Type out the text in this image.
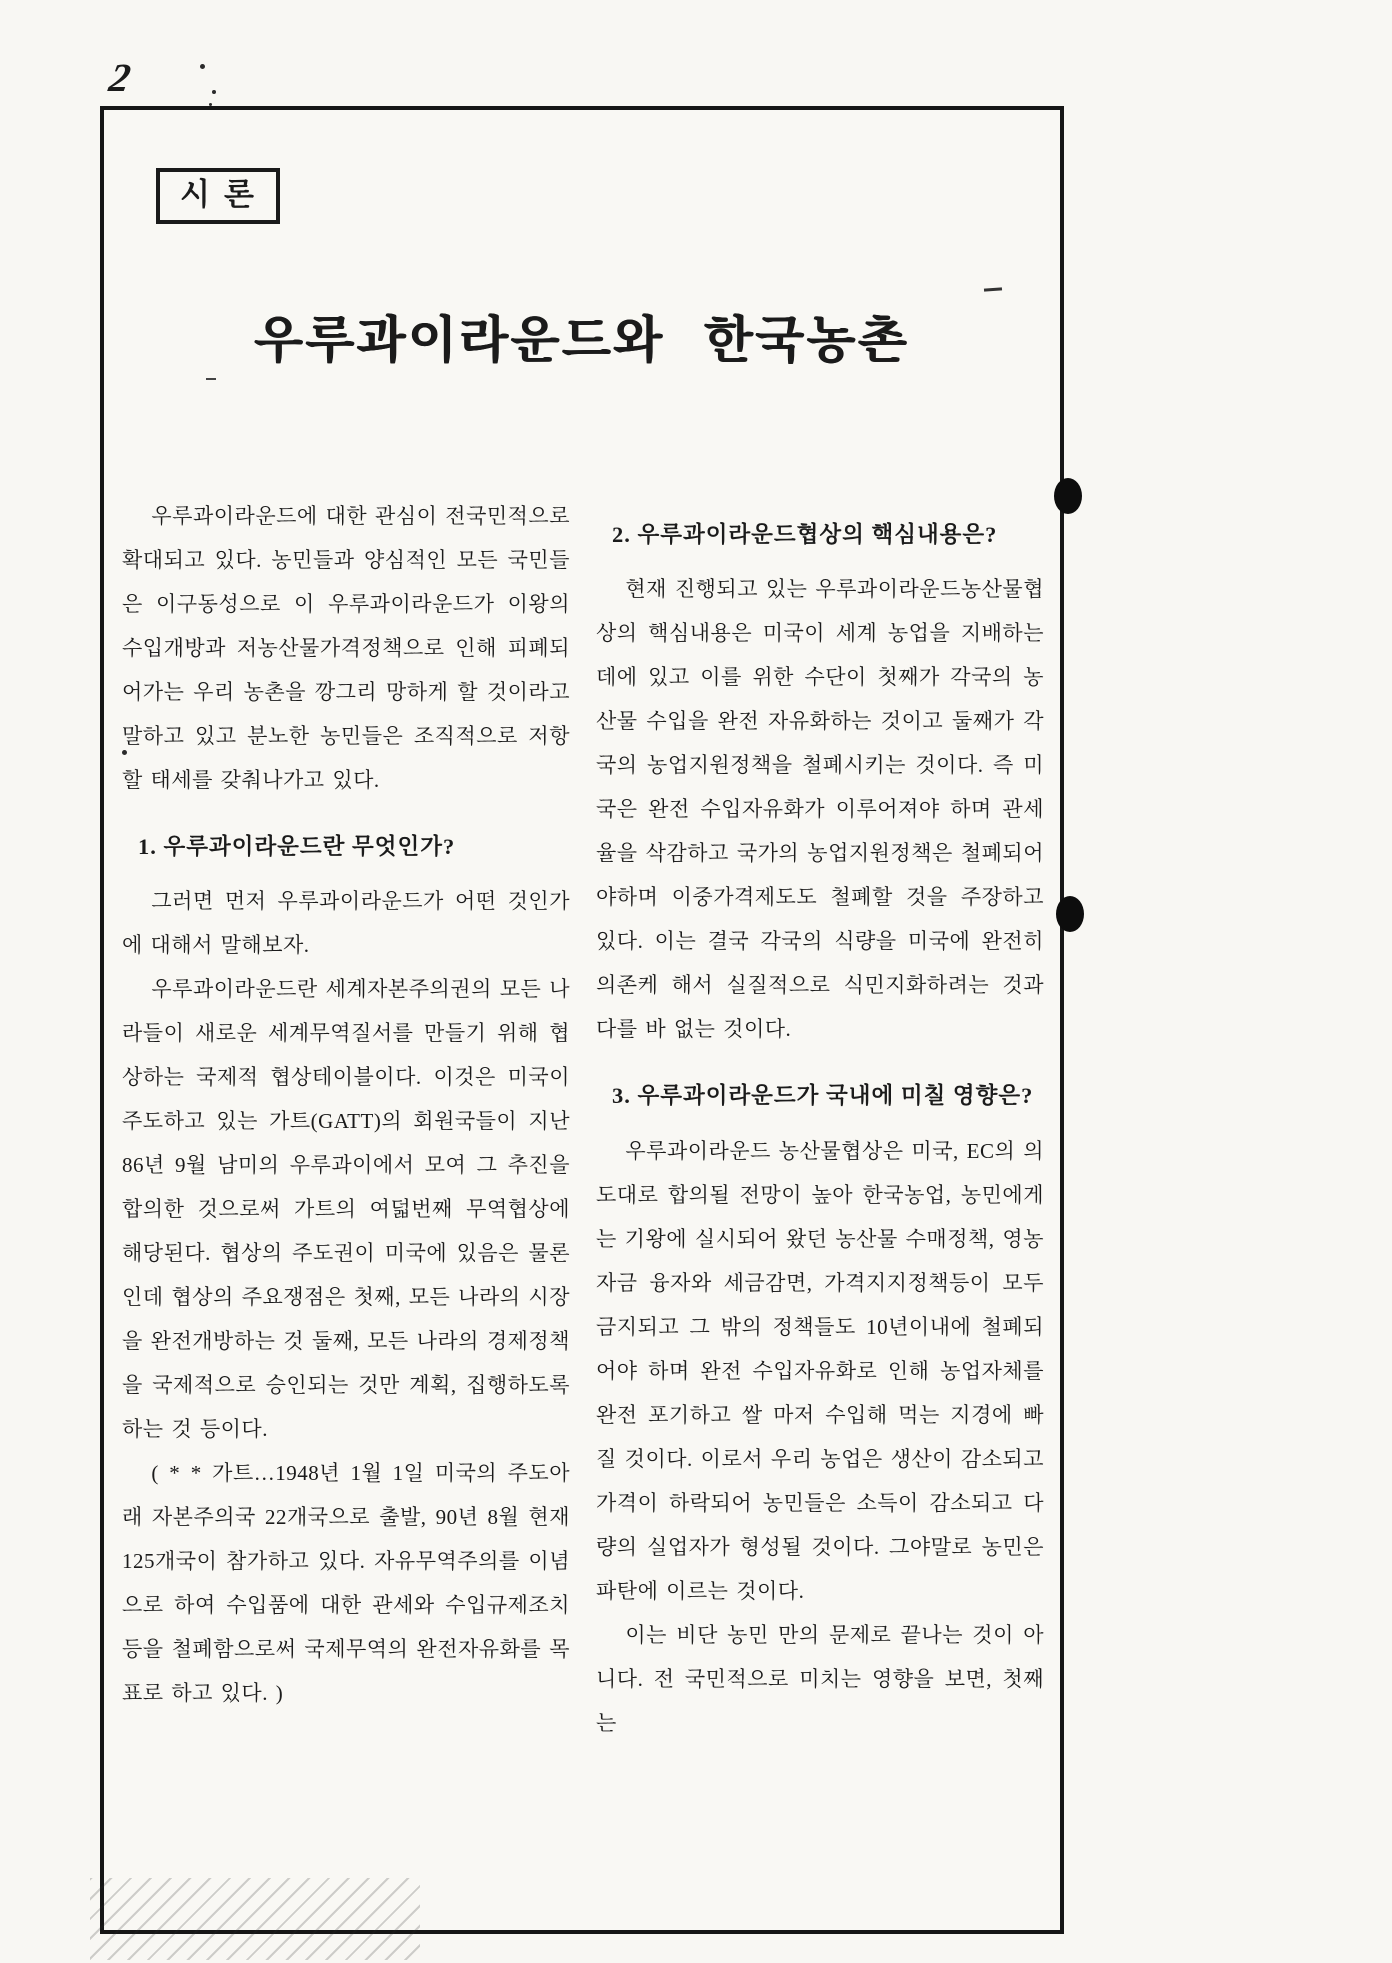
2
시론
우루과이라운드와 한국농촌

우루과이라운드에 대한 관심이 전국민적으로 확대되고 있다. 농민들과 양심적인 모든 국민들은 이구동성으로 이 우루과이라운드가 이왕의 수입개방과 저농산물가격정책으로 인해 피폐되어가는 우리 농촌을 깡그리 망하게 할 것이라고 말하고 있고 분노한 농민들은 조직적으로 저항할 태세를 갖춰나가고 있다.

1. 우루과이라운드란 무엇인가?

그러면 먼저 우루과이라운드가 어떤 것인가에 대해서 말해보자.

우루과이라운드란 세계자본주의권의 모든 나라들이 새로운 세계무역질서를 만들기 위해 협상하는 국제적 협상테이블이다. 이것은 미국이 주도하고 있는 가트(GATT)의 회원국들이 지난 86년 9월 남미의 우루과이에서 모여 그 추진을 합의한 것으로써 가트의 여덟번째 무역협상에 해당된다. 협상의 주도권이 미국에 있음은 물론인데 협상의 주요쟁점은 첫째, 모든 나라의 시장을 완전개방하는 것 둘째, 모든 나라의 경제정책을 국제적으로 승인되는 것만 계획, 집행하도록 하는 것 등이다.

( * * 가트…1948년 1월 1일 미국의 주도아래 자본주의국 22개국으로 출발, 90년 8월 현재 125개국이 참가하고 있다. 자유무역주의를 이념으로 하여 수입품에 대한 관세와 수입규제조치등을 철폐함으로써 국제무역의 완전자유화를 목표로 하고 있다. )

2. 우루과이라운드협상의 핵심내용은?

현재 진행되고 있는 우루과이라운드농산물협상의 핵심내용은 미국이 세계 농업을 지배하는 데에 있고 이를 위한 수단이 첫째가 각국의 농산물 수입을 완전 자유화하는 것이고 둘째가 각국의 농업지원정책을 철폐시키는 것이다. 즉 미국은 완전 수입자유화가 이루어져야 하며 관세율을 삭감하고 국가의 농업지원정책은 철폐되어야하며 이중가격제도도 철폐할 것을 주장하고 있다. 이는 결국 각국의 식량을 미국에 완전히 의존케 해서 실질적으로 식민지화하려는 것과 다를 바 없는 것이다.

3. 우루과이라운드가 국내에 미칠 영향은?

우루과이라운드 농산물협상은 미국, EC의 의도대로 합의될 전망이 높아 한국농업, 농민에게는 기왕에 실시되어 왔던 농산물 수매정책, 영농자금 융자와 세금감면, 가격지지정책등이 모두 금지되고 그 밖의 정책들도 10년이내에 철폐되어야 하며 완전 수입자유화로 인해 농업자체를 완전 포기하고 쌀 마저 수입해 먹는 지경에 빠질 것이다. 이로서 우리 농업은 생산이 감소되고 가격이 하락되어 농민들은 소득이 감소되고 다량의 실업자가 형성될 것이다. 그야말로 농민은 파탄에 이르는 것이다.

이는 비단 농민 만의 문제로 끝나는 것이 아니다. 전 국민적으로 미치는 영향을 보면, 첫째는
